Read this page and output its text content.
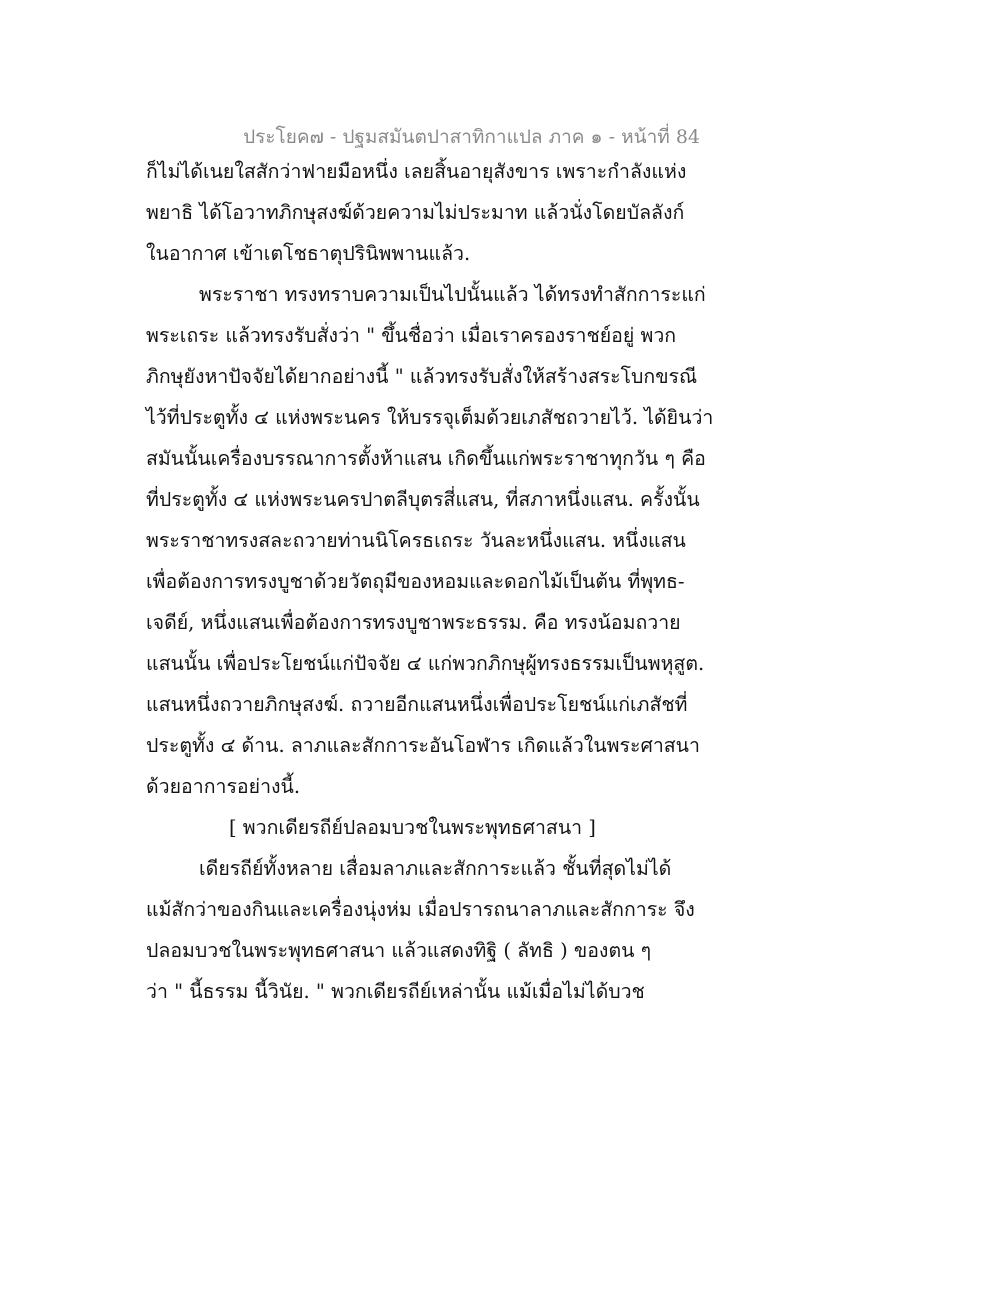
ประโยค๗ - ปฐมสมันตปาสาทิกาแปล ภาค ๑ - หน้าที่ 84
ก็ไม่ได้เนยใสสักว่าฟายมือหนึ่ง เลยสิ้นอายุสังขาร เพราะกำลังแห่ง
พยาธิ ได้โอวาทภิกษุสงฆ์ด้วยความไม่ประมาท แล้วนั่งโดยบัลลังก์
ในอากาศ เข้าเตโชธาตุปรินิพพานแล้ว.
พระราชา ทรงทราบความเป็นไปนั้นแล้ว ได้ทรงทำสักการะแก่
พระเถระ แล้วทรงรับสั่งว่า " ขึ้นชื่อว่า เมื่อเราครองราชย์อยู่ พวก
ภิกษุยังหาปัจจัยได้ยากอย่างนี้ " แล้วทรงรับสั่งให้สร้างสระโบกขรณี
ไว้ที่ประตูทั้ง ๔ แห่งพระนคร ให้บรรจุเต็มด้วยเภสัชถวายไว้. ได้ยินว่า
สมันนั้นเครื่องบรรณาการตั้งห้าแสน เกิดขึ้นแก่พระราชาทุกวัน ๆ คือ
ที่ประตูทั้ง ๔ แห่งพระนครปาตลีบุตรสี่แสน, ที่สภาหนึ่งแสน. ครั้งนั้น
พระราชาทรงสละถวายท่านนิโครธเถระ วันละหนึ่งแสน. หนึ่งแสน
เพื่อต้องการทรงบูชาด้วยวัตถุมีของหอมและดอกไม้เป็นต้น ที่พุทธ-
เจดีย์, หนึ่งแสนเพื่อต้องการทรงบูชาพระธรรม. คือ ทรงน้อมถวาย
แสนนั้น เพื่อประโยชน์แก่ปัจจัย ๔ แก่พวกภิกษุผู้ทรงธรรมเป็นพหุสูต.
แสนหนึ่งถวายภิกษุสงฆ์. ถวายอีกแสนหนึ่งเพื่อประโยชน์แก่เภสัชที่
ประตูทั้ง ๔ ด้าน. ลาภและสักการะอันโอฬาร เกิดแล้วในพระศาสนา
ด้วยอาการอย่างนี้.
[ พวกเดียรถีย์ปลอมบวชในพระพุทธศาสนา ]
เดียรถีย์ทั้งหลาย เสื่อมลาภและสักการะแล้ว ชั้นที่สุดไม่ได้
แม้สักว่าของกินและเครื่องนุ่งห่ม เมื่อปรารถนาลาภและสักการะ จึง
ปลอมบวชในพระพุทธศาสนา แล้วแสดงทิฐิ ( ลัทธิ ) ของตน ๆ
ว่า " นี้ธรรม นี้วินัย. " พวกเดียรถีย์เหล่านั้น แม้เมื่อไม่ได้บวช
